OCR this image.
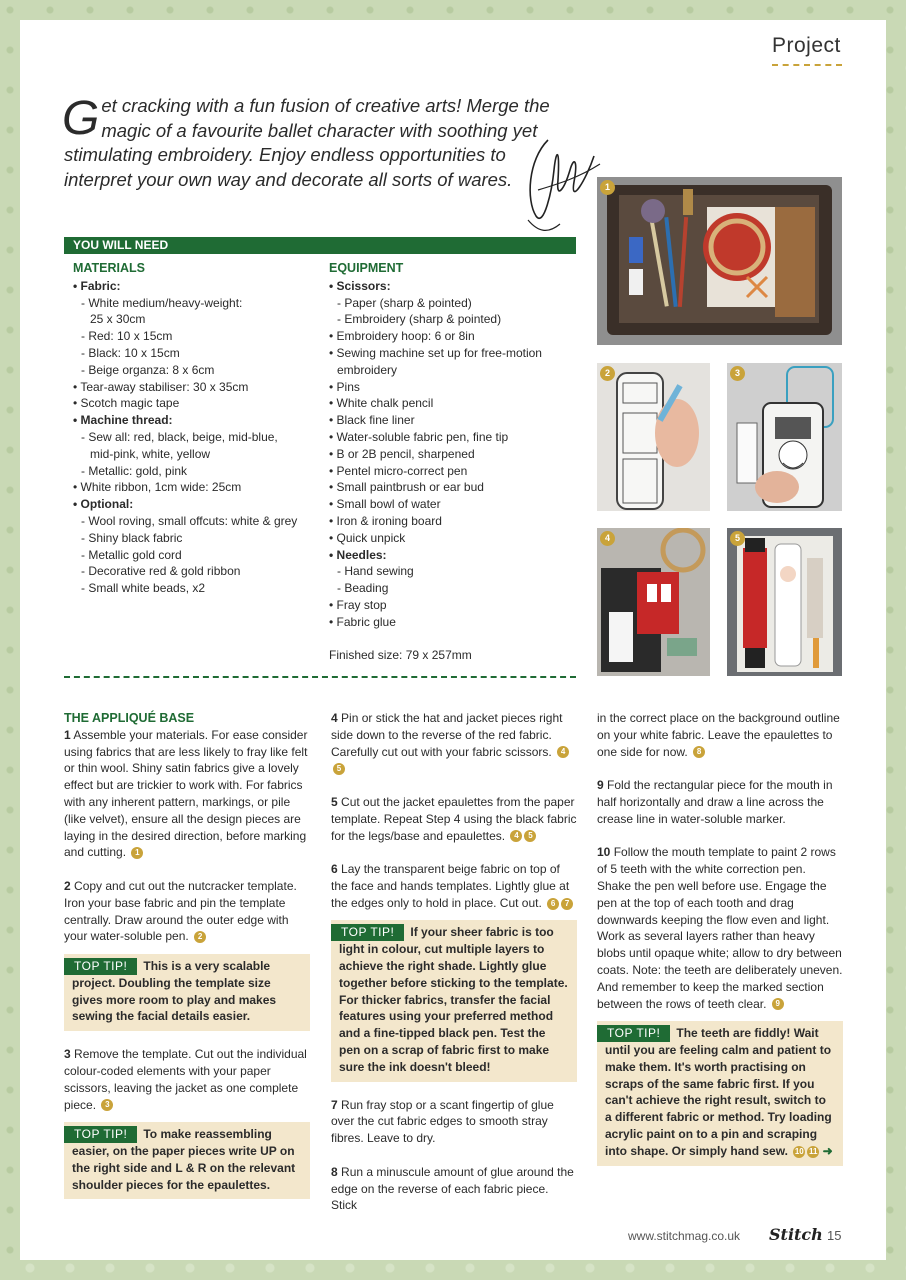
Project
Get cracking with a fun fusion of creative arts! Merge the magic of a favourite ballet character with soothing yet stimulating embroidery. Enjoy endless opportunities to interpret your own way and decorate all sorts of wares.
YOU WILL NEED
MATERIALS
• Fabric:
- White medium/heavy-weight:
25 x 30cm
- Red: 10 x 15cm
- Black: 10 x 15cm
- Beige organza: 8 x 6cm
• Tear-away stabiliser: 30 x 35cm
• Scotch magic tape
• Machine thread:
- Sew all: red, black, beige, mid-blue,
mid-pink, white, yellow
- Metallic: gold, pink
• White ribbon, 1cm wide: 25cm
• Optional:
- Wool roving, small offcuts: white & grey
- Shiny black fabric
- Metallic gold cord
- Decorative red & gold ribbon
- Small white beads, x2
EQUIPMENT
• Scissors:
- Paper (sharp & pointed)
- Embroidery (sharp & pointed)
• Embroidery hoop: 6 or 8in
• Sewing machine set up for free-motion
embroidery
• Pins
• White chalk pencil
• Black fine liner
• Water-soluble fabric pen, fine tip
• B or 2B pencil, sharpened
• Pentel micro-correct pen
• Small paintbrush or ear bud
• Small bowl of water
• Iron & ironing board
• Quick unpick
• Needles:
- Hand sewing
- Beading
• Fray stop
• Fabric glue
Finished size: 79 x 257mm
1
2	3
4	5
THE APPLIQUÉ BASE

1 Assemble your materials. For ease consider using fabrics that are less likely to fray like felt or thin wool. Shiny satin fabrics give a lovely effect but are trickier to work with. For fabrics with any inherent pattern, markings, or pile (like velvet), ensure all the design pieces are laying in the desired direction, before marking and cutting. 1

2 Copy and cut out the nutcracker template. Iron your base fabric and pin the template centrally. Draw around the outer edge with your water-soluble pen. 2

TOP TIP! This is a very scalable project. Doubling the template size gives more room to play and makes sewing the facial details easier.

3 Remove the template. Cut out the individual colour-coded elements with your paper scissors, leaving the jacket as one complete piece. 3

TOP TIP! To make reassembling easier, on the paper pieces write UP on the right side and L & R on the relevant shoulder pieces for the epaulettes.

4 Pin or stick the hat and jacket pieces right side down to the reverse of the red fabric. Carefully cut out with your fabric scissors. 45

5 Cut out the jacket epaulettes from the paper template. Repeat Step 4 using the black fabric for the legs/base and epaulettes. 4 5

6 Lay the transparent beige fabric on top of the face and hands templates. Lightly glue at the edges only to hold in place. Cut out. 6 7

TOP TIP! If your sheer fabric is too light in colour, cut multiple layers to achieve the right shade. Lightly glue together before sticking to the template. For thicker fabrics, transfer the facial features using your preferred method and a fine-tipped black pen. Test the pen on a scrap of fabric first to make sure the ink doesn't bleed!

7 Run fray stop or a scant fingertip of glue over the cut fabric edges to smooth stray fibres. Leave to dry.

8 Run a minuscule amount of glue around the edge on the reverse of each fabric piece. Stick

in the correct place on the background outline on your white fabric. Leave the epaulettes to one side for now. 8

9 Fold the rectangular piece for the mouth in half horizontally and draw a line across the crease line in water-soluble marker.

10 Follow the mouth template to paint 2 rows of 5 teeth with the white correction pen. Shake the pen well before use. Engage the pen at the top of each tooth and drag downwards keeping the flow even and light. Work as several layers rather than heavy blobs until opaque white; allow to dry between coats. Note: the teeth are deliberately uneven. And remember to keep the marked section between the rows of teeth clear. 9

TOP TIP! The teeth are fiddly! Wait until you are feeling calm and patient to make them. It's worth practising on scraps of the same fabric first. If you can't achieve the right result, switch to a different fabric or method. Try loading acrylic paint on to a pin and scraping into shape. Or simply hand sew. 10 11 ➜
www.stitchmag.co.uk Stitch 15
